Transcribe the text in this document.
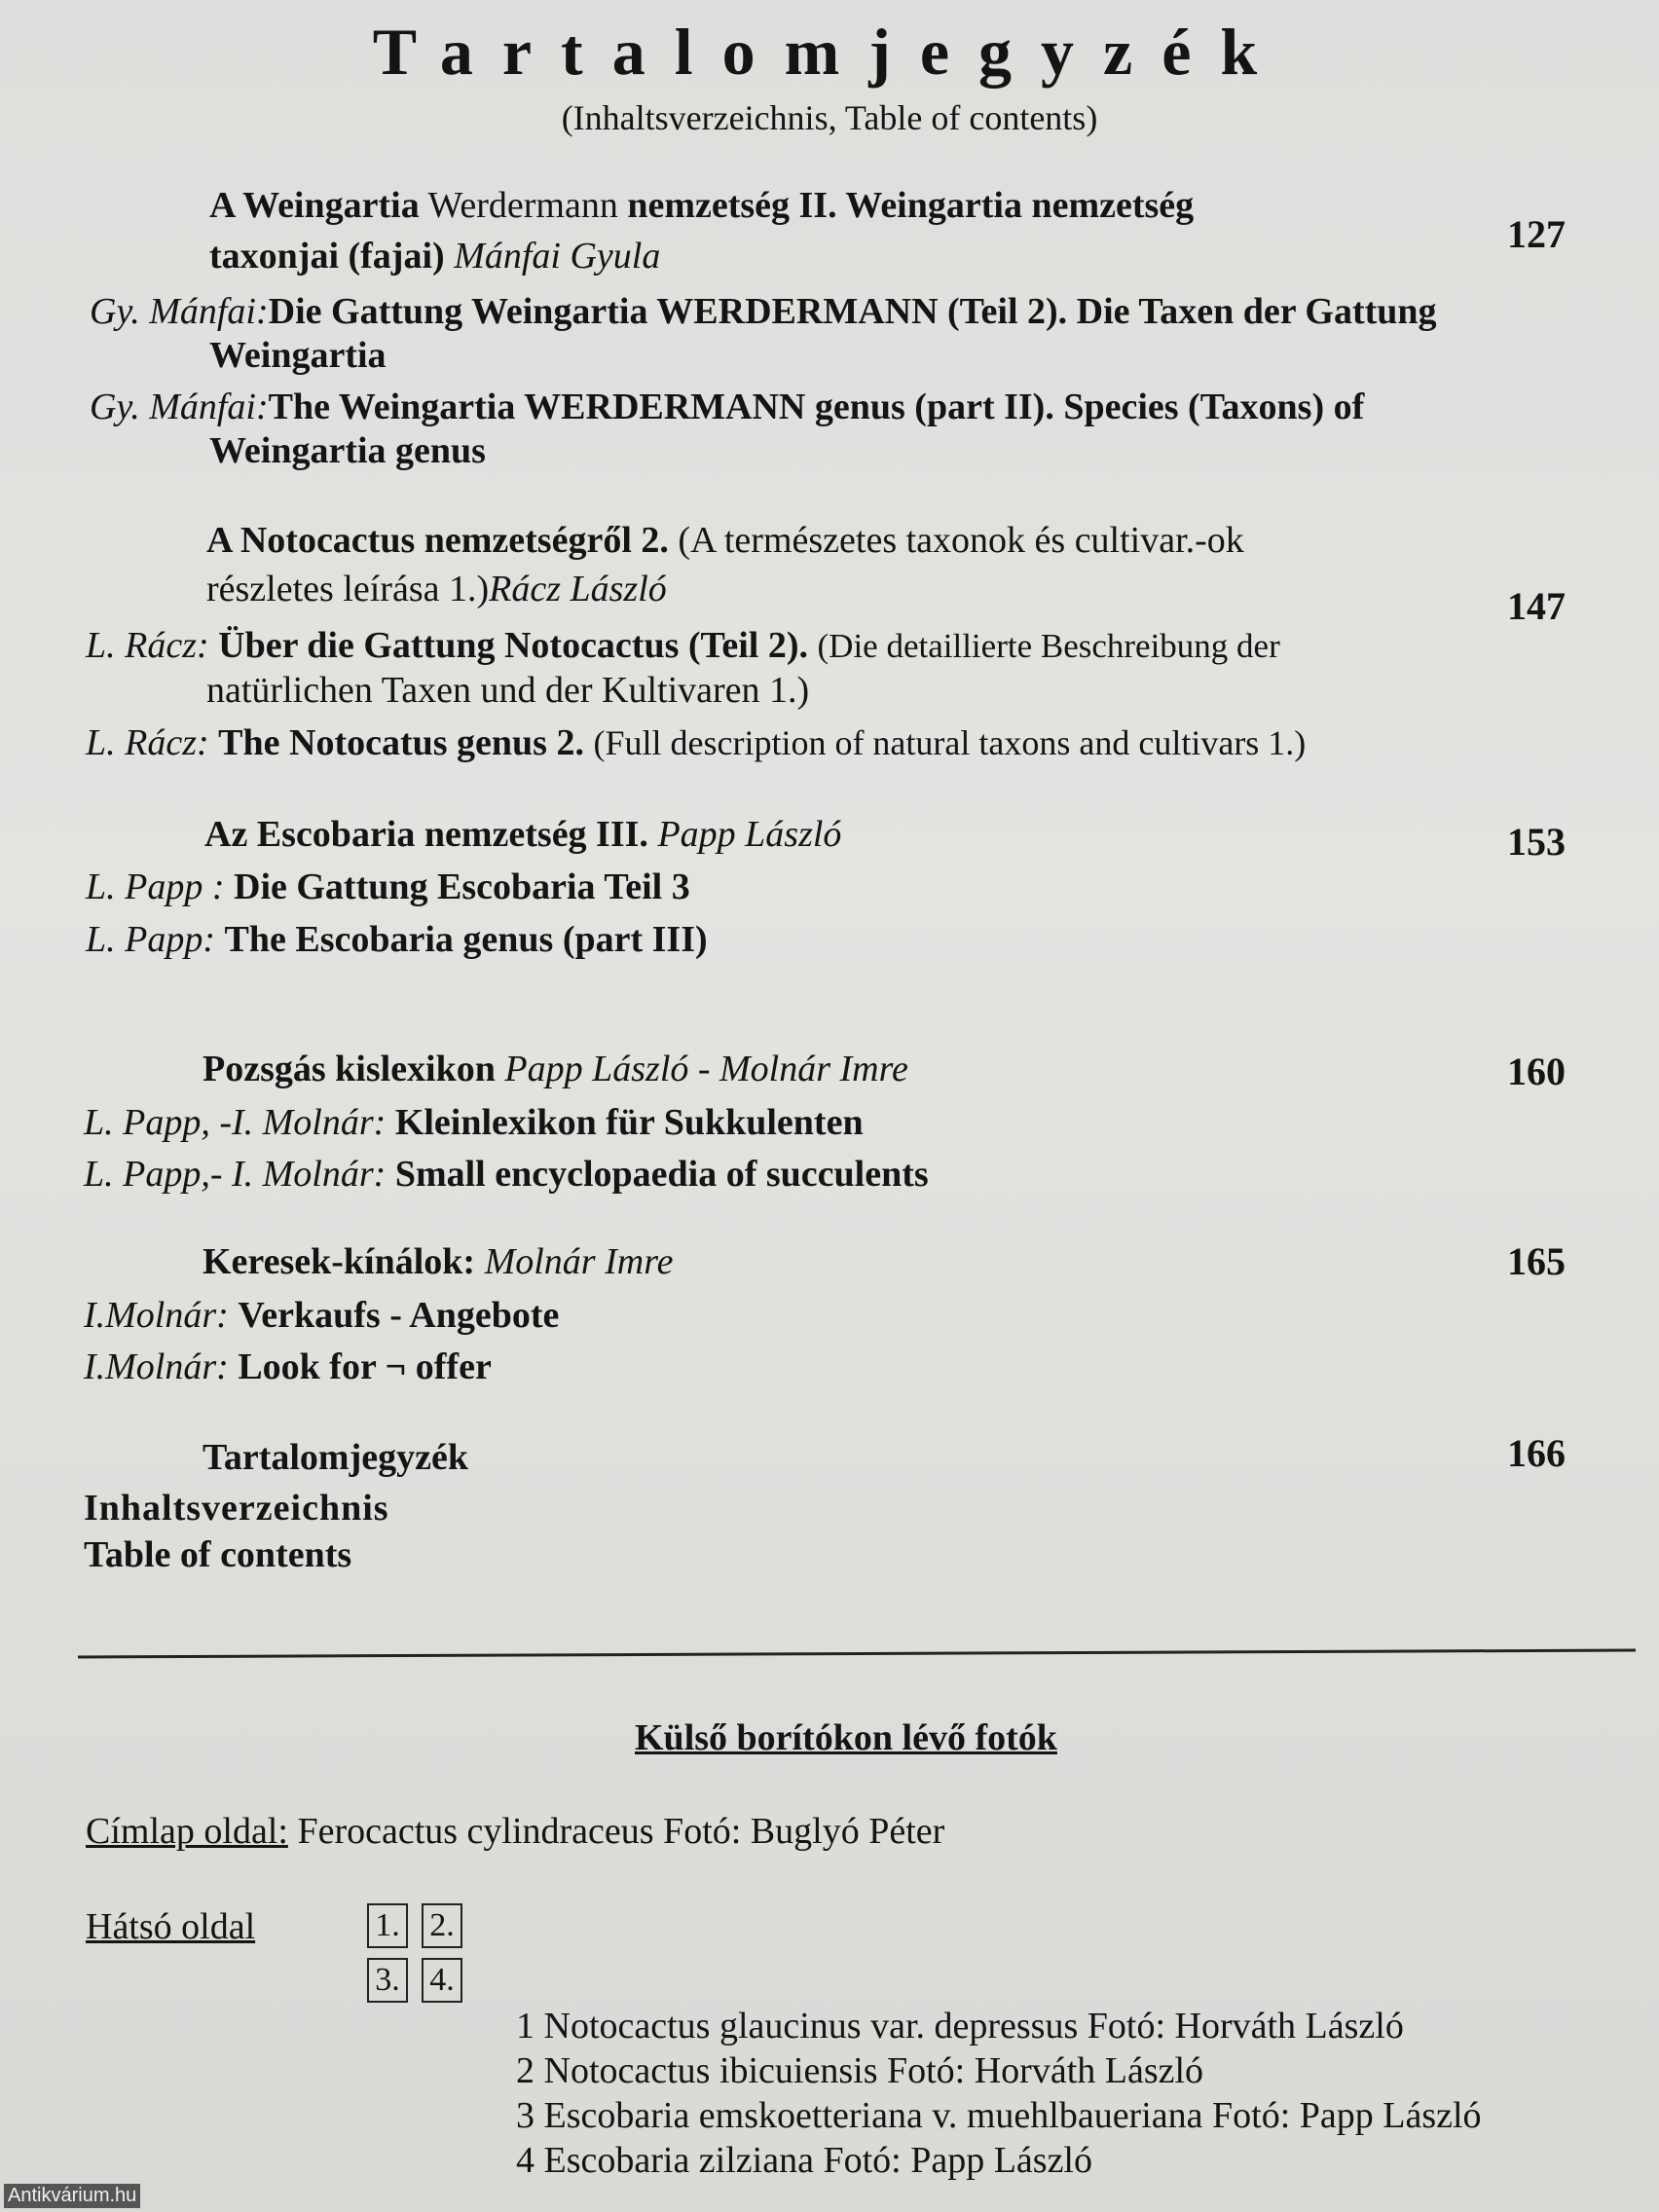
Tartalomjegyzék
(Inhaltsverzeichnis, Table of contents)
A Weingartia Werdermann nemzetség II. Weingartia nemzetség
taxonjai (fajai) Mánfai Gyula
Gy. Mánfai:Die Gattung Weingartia WERDERMANN (Teil 2). Die Taxen der Gattung
Weingartia
Gy. Mánfai:The Weingartia WERDERMANN genus (part II). Species (Taxons) of
Weingartia genus
127
A Notocactus nemzetségről 2. (A természetes taxonok és cultivar.-ok
részletes leírása 1.)Rácz László
L. Rácz: Über die Gattung Notocactus (Teil 2). (Die detaillierte Beschreibung der
natürlichen Taxen und der Kultivaren 1.)
L. Rácz: The Notocatus genus 2. (Full description of natural taxons and cultivars 1.)
147
Az Escobaria nemzetség III. Papp László
L. Papp : Die Gattung Escobaria Teil 3
L. Papp: The Escobaria genus (part III)
153
Pozsgás kislexikon Papp László - Molnár Imre
L. Papp, -I. Molnár: Kleinlexikon für Sukkulenten
L. Papp,- I. Molnár: Small encyclopaedia of succulents
160
Keresek-kínálok: Molnár Imre
I.Molnár: Verkaufs - Angebote
I.Molnár: Look for ¬ offer
165
Tartalomjegyzék
Inhaltsverzeichnis
Table of contents
166
Külső borítókon lévő fotók
Címlap oldal: Ferocactus cylindraceus Fotó: Buglyó Péter
Hátsó oldal	1. 2.
3. 4.
1 Notocactus glaucinus var. depressus Fotó: Horváth László
2 Notocactus ibicuiensis Fotó: Horváth László
3 Escobaria emskoetteriana v. muehlbaueriana Fotó: Papp László
4 Escobaria zilziana Fotó: Papp László
Antikvárium.hu
